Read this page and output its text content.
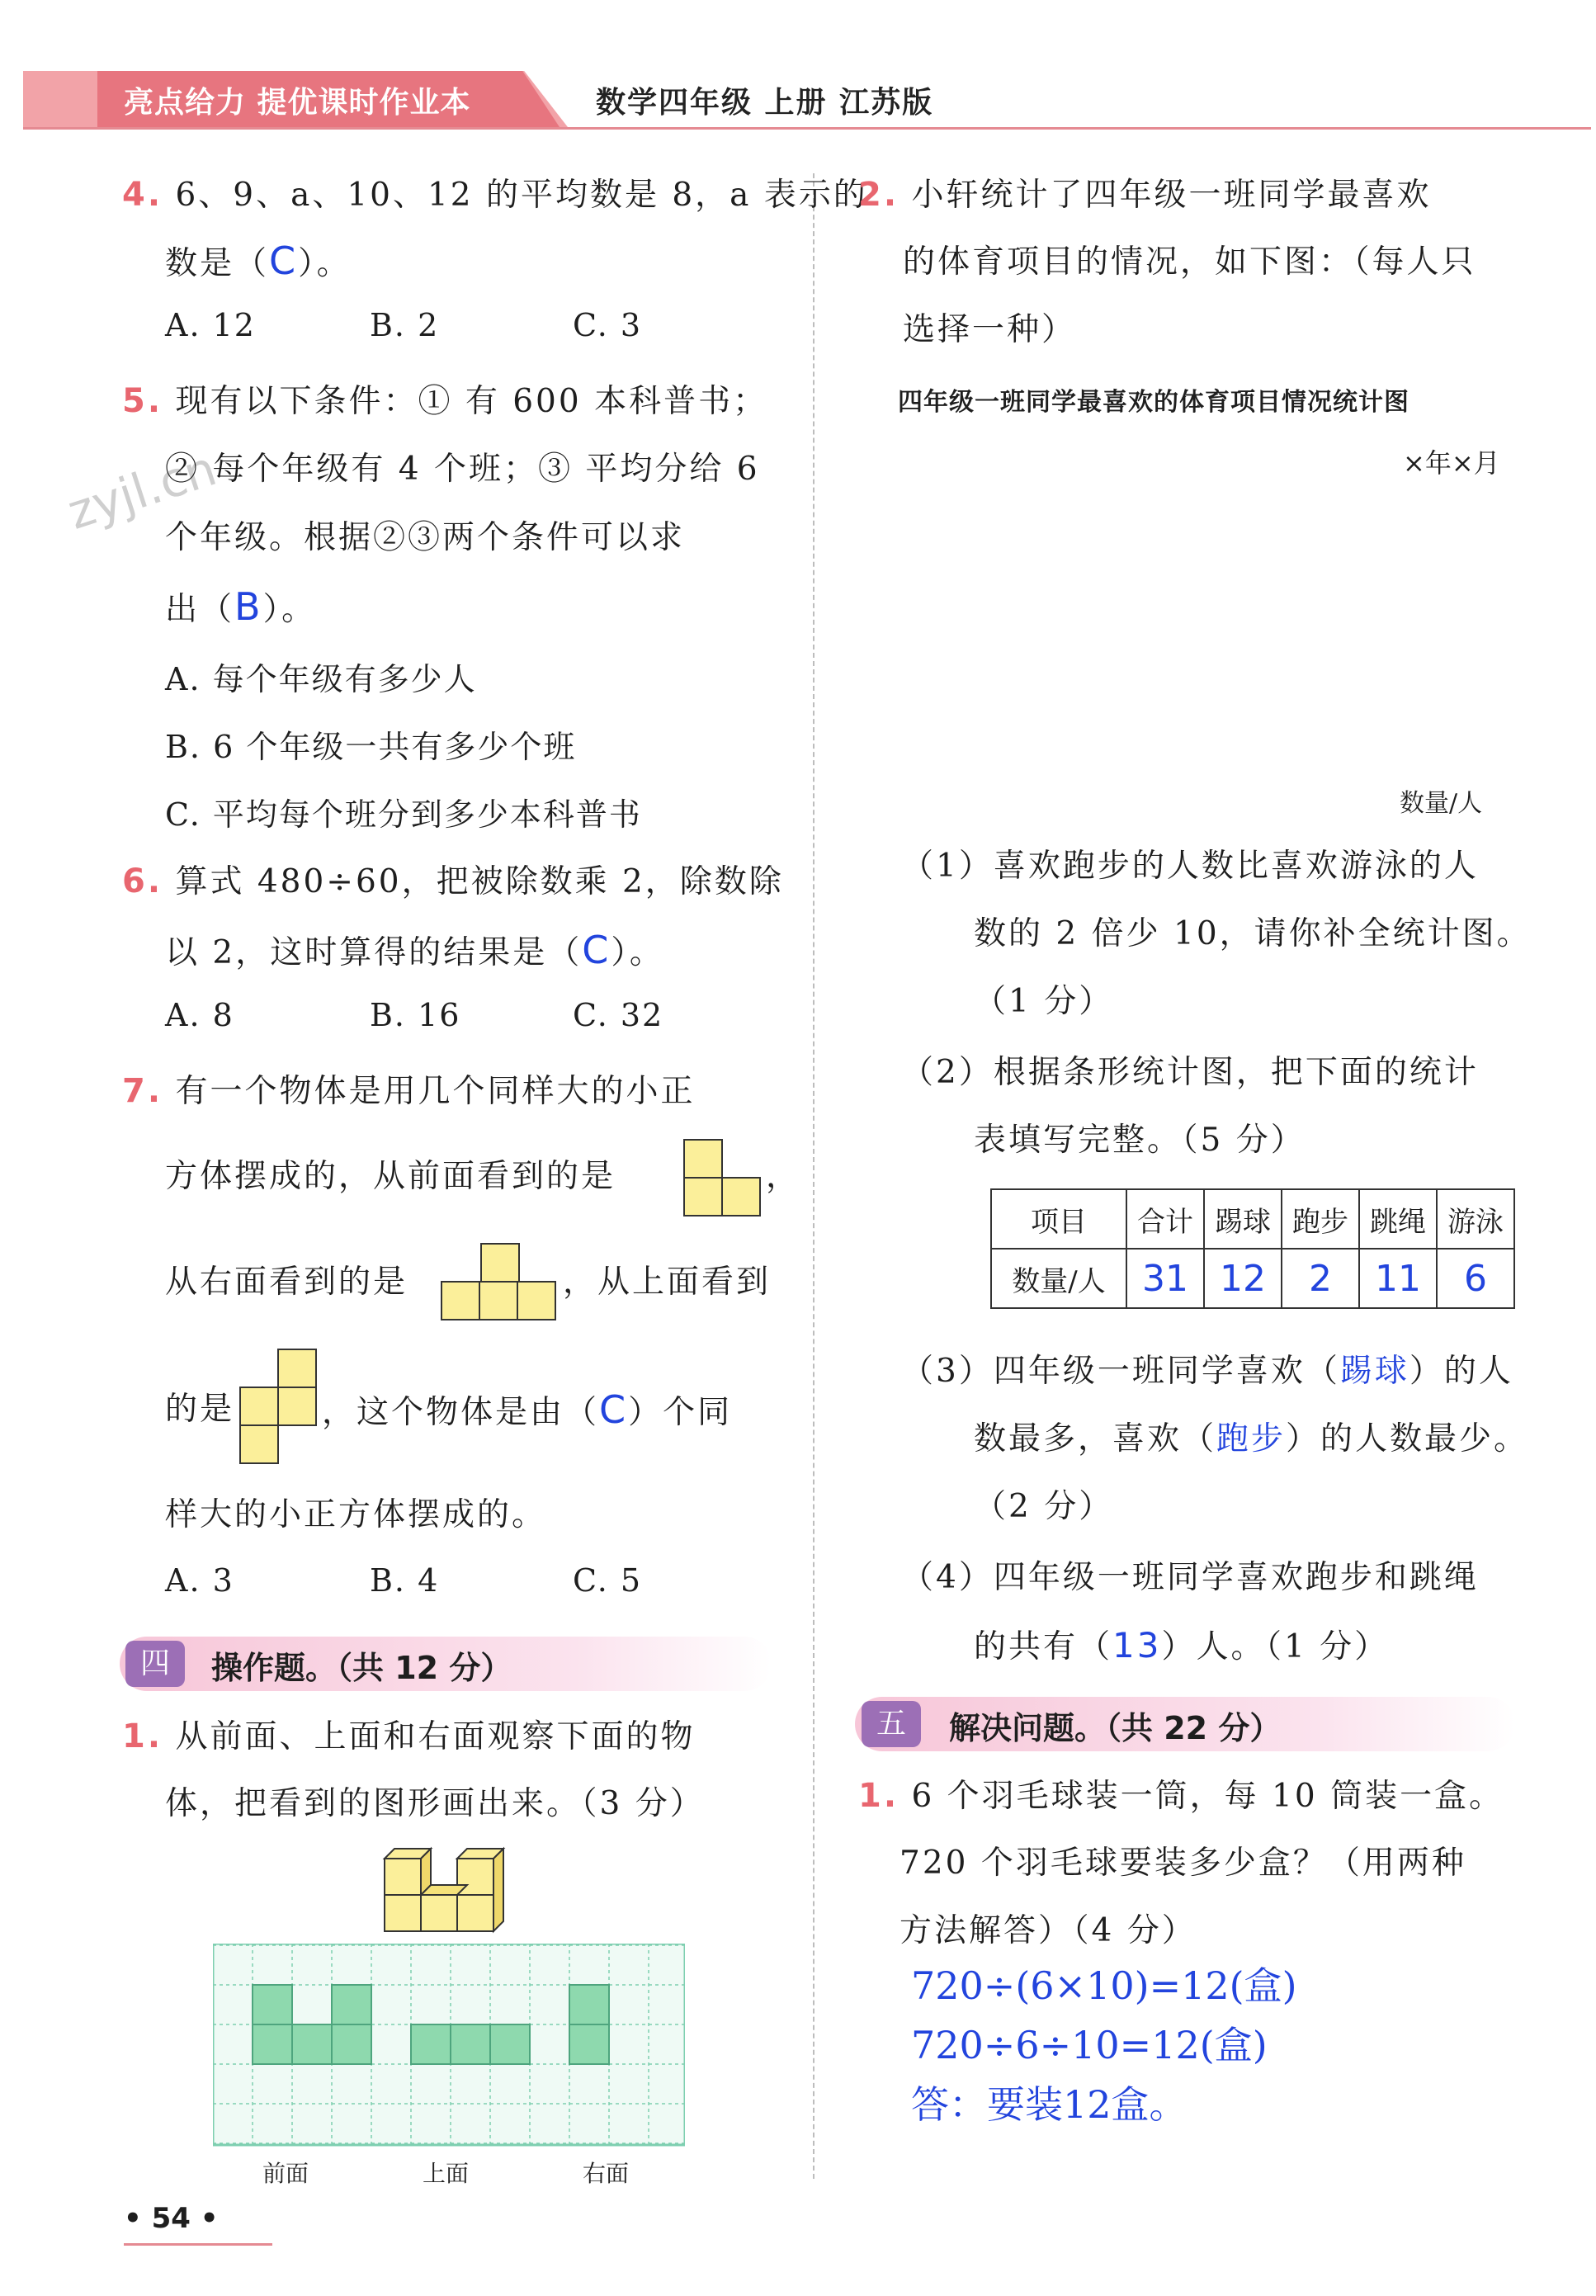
亮点给力 提优课时作业本	数学四年级 上册 江苏版
zyjl.cn
4. 6、9、a、10、12 的平均数是 8，a 表示的
数是（C）。
A. 12	B. 2	C. 3
5. 现有以下条件：① 有 600 本科普书；
② 每个年级有 4 个班；③ 平均分给 6
个年级。根据②③两个条件可以求
出（B）。
A. 每个年级有多少人
B. 6 个年级一共有多少个班
C. 平均每个班分到多少本科普书
6. 算式 480÷60，把被除数乘 2，除数除
以 2，这时算得的结果是（C）。
A. 8	B. 16	C. 32
7. 有一个物体是用几个同样大的小正
方体摆成的，从前面看到的是	，
从右面看到的是	，从上面看到
的是	，这个物体是由（C）个同
样大的小正方体摆成的。
A. 3	B. 4	C. 5
四	操作题。（共 12 分）
1. 从前面、上面和右面观察下面的物
体，把看到的图形画出来。（3 分）
前面	上面	右面
• 54 •
2. 小轩统计了四年级一班同学最喜欢
的体育项目的情况，如下图：（每人只
选择一种）
四年级一班同学最喜欢的体育项目情况统计图
×年×月
数量/人
（1）喜欢跑步的人数比喜欢游泳的人
数的 2 倍少 10，请你补全统计图。
（1 分）
（2）根据条形统计图，把下面的统计
表填写完整。（5 分）
项目	合计	踢球	跑步	跳绳	游泳
数量/人	31	12	2	11	6
（3）四年级一班同学喜欢（踢球）的人
数最多，喜欢（跑步）的人数最少。
（2 分）
（4）四年级一班同学喜欢跑步和跳绳
的共有（13）人。（1 分）
五	解决问题。（共 22 分）
1. 6 个羽毛球装一筒，每 10 筒装一盒。
720 个羽毛球要装多少盒？（用两种
方法解答）（4 分）
720÷(6×10)=12(盒)
720÷6÷10=12(盒)
答：要装12盒。
